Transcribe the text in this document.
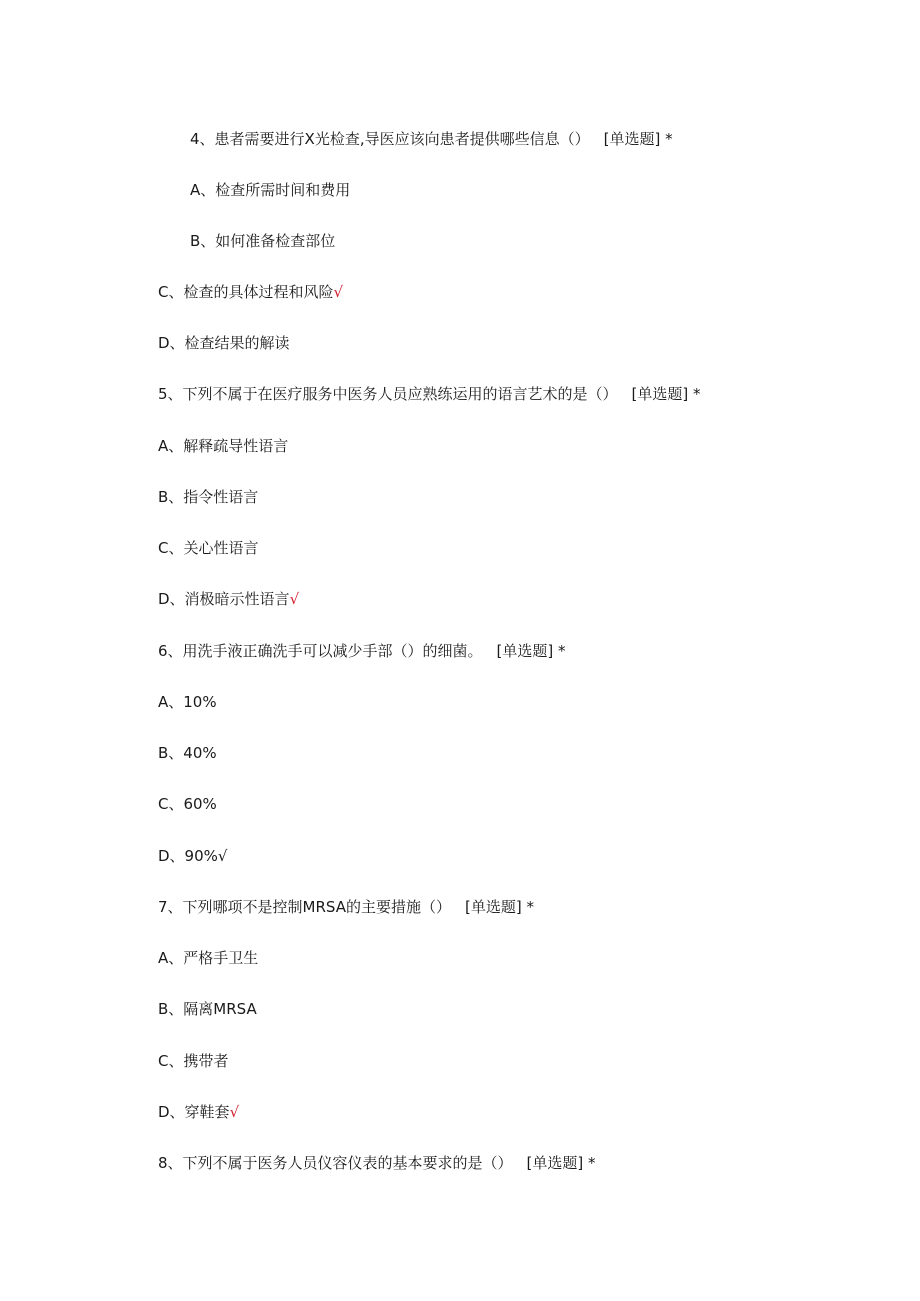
4、患者需要进行X光检查,导医应该向患者提供哪些信息（） [单选题] *
A、检查所需时间和费用
B、如何准备检查部位
C、检查的具体过程和风险√
D、检查结果的解读
5、下列不属于在医疗服务中医务人员应熟练运用的语言艺术的是（） [单选题] *
A、解释疏导性语言
B、指令性语言
C、关心性语言
D、消极暗示性语言√
6、用洗手液正确洗手可以减少手部（）的细菌。 [单选题] *
A、10%
B、40%
C、60%
D、90%√
7、下列哪项不是控制MRSA的主要措施（） [单选题] *
A、严格手卫生
B、隔离MRSA
C、携带者
D、穿鞋套√
8、下列不属于医务人员仪容仪表的基本要求的是（） [单选题] *
